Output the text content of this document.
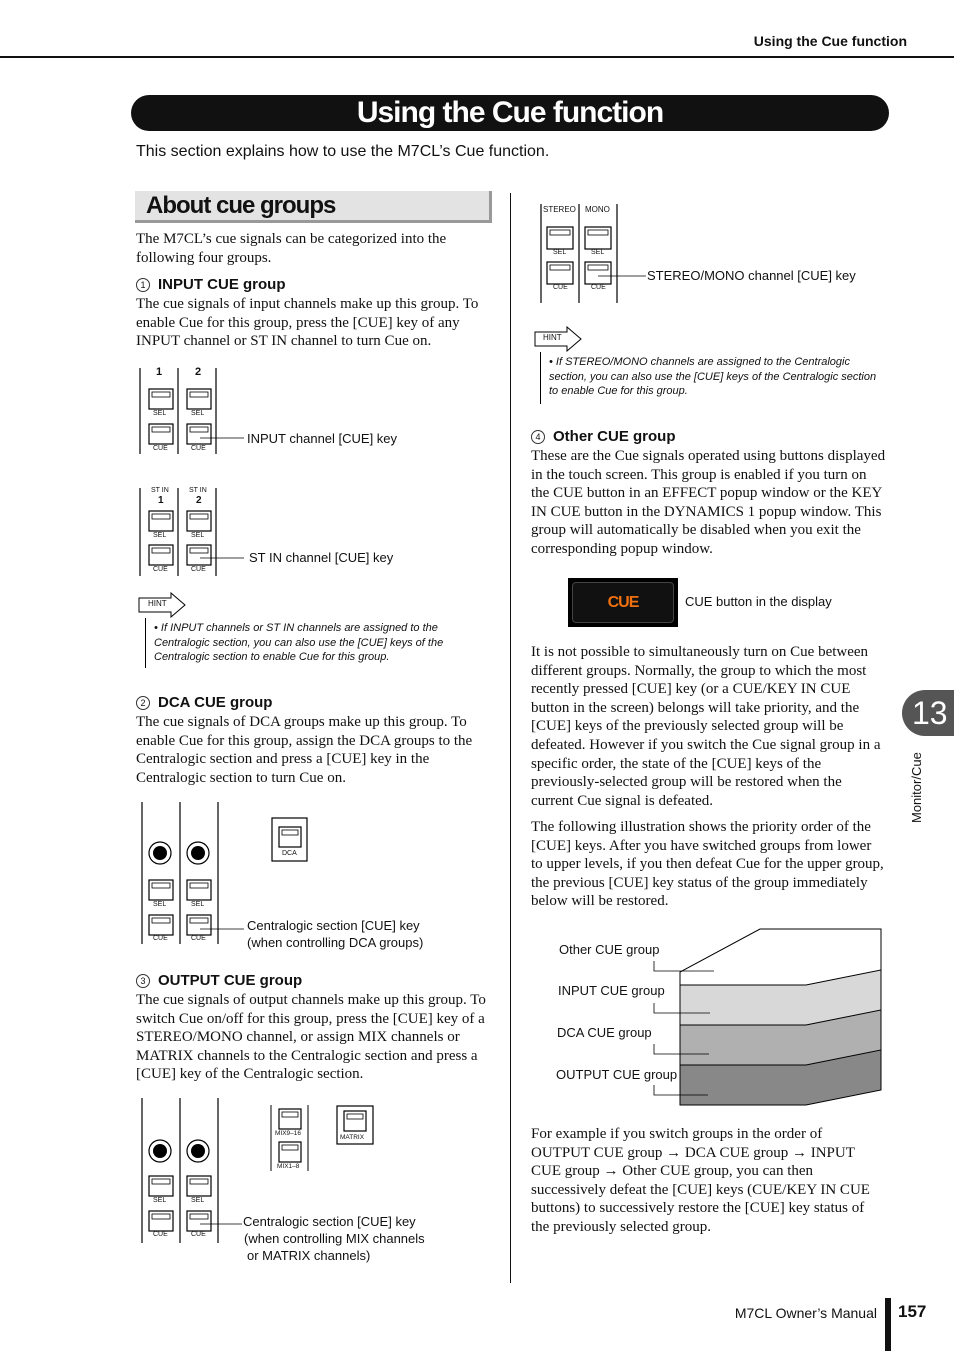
Using the Cue function
Using the Cue function
This section explains how to use the M7CL’s Cue function.
About cue groups
The M7CL’s cue signals can be categorized into the following four groups.
1 INPUT CUE group
The cue signals of input channels make up this group. To enable Cue for this group, press the [CUE] key of any INPUT channel or ST IN channel to turn Cue on.
1	2
SEL	SEL
CUE	CUE
INPUT channel [CUE] key
ST IN	ST IN
1	2
SEL	SEL
CUE	CUE
ST IN channel [CUE] key
HINT
• If INPUT channels or ST IN channels are assigned to the Centralogic section, you can also use the [CUE] keys of the Centralogic section to enable Cue for this group.
2 DCA CUE group
The cue signals of DCA groups make up this group. To enable Cue for this group, assign the DCA groups to the Centralogic section and press a [CUE] key in the Centralogic section to turn Cue on.
SEL	SEL
CUE	CUE
DCA
Centralogic section [CUE] key
(when controlling DCA groups)
3 OUTPUT CUE group
The cue signals of output channels make up this group. To switch Cue on/off for this group, press the [CUE] key of a STEREO/MONO channel, or assign MIX channels or MATRIX channels to the Centralogic section and press a [CUE] key of the Centralogic section.
SEL	SEL
CUE	CUE
MIX9–16
MIX1–8
MATRIX
Centralogic section [CUE] key
(when controlling MIX channels
or MATRIX channels)
STEREO MONO
SEL	SEL
CUE	CUE
STEREO/MONO channel [CUE] key
HINT
• If STEREO/MONO channels are assigned to the Centralogic section, you can also use the [CUE] keys of the Centralogic section to enable Cue for this group.
4 Other CUE group
These are the Cue signals operated using buttons displayed in the touch screen. This group is enabled if you turn on the CUE button in an EFFECT popup window or the KEY IN CUE button in the DYNAMICS 1 popup window. This group will automatically be disabled when you exit the corresponding popup window.
CUE	CUE button in the display
It is not possible to simultaneously turn on Cue between different groups. Normally, the group to which the most recently pressed [CUE] key (or a CUE/KEY IN CUE button in the screen) belongs will take priority, and the [CUE] keys of the previously selected group will be defeated. However if you switch the Cue signal group in a specific order, the state of the [CUE] keys of the previously-selected group will be restored when the current Cue signal is defeated.
The following illustration shows the priority order of the [CUE] keys. After you have switched groups from lower to upper levels, if you then defeat Cue for the upper group, the previous [CUE] key status of the group immediately below will be restored.
Other CUE group
INPUT CUE group
DCA CUE group
OUTPUT CUE group
For example if you switch groups in the order of OUTPUT CUE group → DCA CUE group → INPUT CUE group → Other CUE group, you can then successively defeat the [CUE] keys (CUE/KEY IN CUE buttons) to successively restore the [CUE] key status of the previously selected group.
13
Monitor/Cue
M7CL Owner’s Manual 157
